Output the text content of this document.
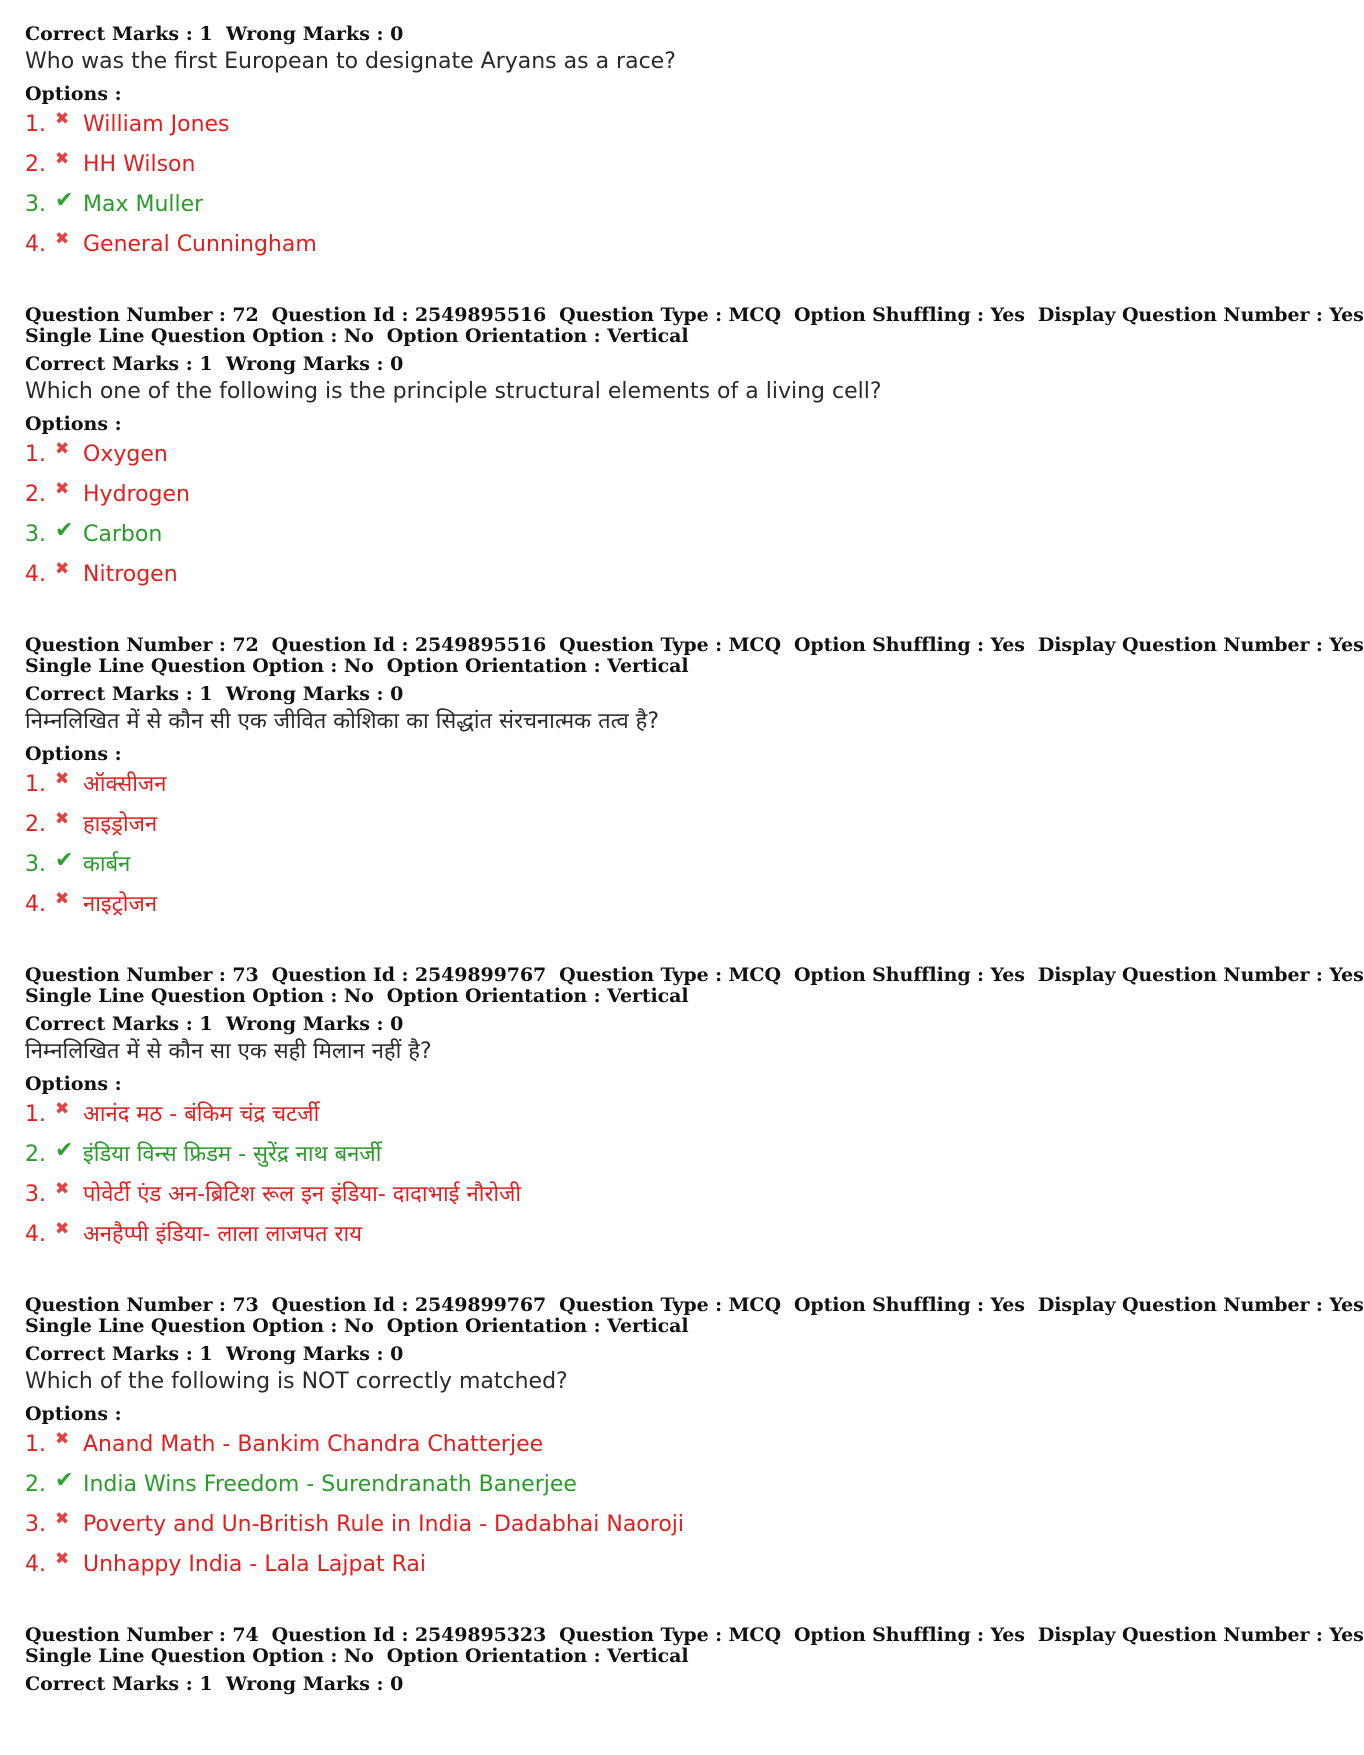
Correct Marks : 1 Wrong Marks : 0
Who was the first European to designate Aryans as a race?
Options :
1. ✖ William Jones
2. ✖ HH Wilson
3. ✔ Max Muller
4. ✖ General Cunningham
Question Number : 72 Question Id : 2549895516 Question Type : MCQ Option Shuffling : Yes Display Question Number : Yes
Single Line Question Option : No Option Orientation : Vertical
Correct Marks : 1 Wrong Marks : 0
Which one of the following is the principle structural elements of a living cell?
Options :
1. ✖ Oxygen
2. ✖ Hydrogen
3. ✔ Carbon
4. ✖ Nitrogen
Question Number : 72 Question Id : 2549895516 Question Type : MCQ Option Shuffling : Yes Display Question Number : Yes
Single Line Question Option : No Option Orientation : Vertical
Correct Marks : 1 Wrong Marks : 0
निम्नलिखित में से कौन सी एक जीवित कोशिका का सिद्धांत संरचनात्मक तत्व है?
Options :
1. ✖ ऑक्सीजन
2. ✖ हाइड्रोजन
3. ✔ कार्बन
4. ✖ नाइट्रोजन
Question Number : 73 Question Id : 2549899767 Question Type : MCQ Option Shuffling : Yes Display Question Number : Yes
Single Line Question Option : No Option Orientation : Vertical
Correct Marks : 1 Wrong Marks : 0
निम्नलिखित में से कौन सा एक सही मिलान नहीं है?
Options :
1. ✖ आनंद मठ - बंकिम चंद्र चटर्जी
2. ✔ इंडिया विन्स फ्रिडम - सुरेंद्र नाथ बनर्जी
3. ✖ पोवेर्टी एंड अन-ब्रिटिश रूल इन इंडिया- दादाभाई नौरोजी
4. ✖ अनहैप्पी इंडिया- लाला लाजपत राय
Question Number : 73 Question Id : 2549899767 Question Type : MCQ Option Shuffling : Yes Display Question Number : Yes
Single Line Question Option : No Option Orientation : Vertical
Correct Marks : 1 Wrong Marks : 0
Which of the following is NOT correctly matched?
Options :
1. ✖ Anand Math - Bankim Chandra Chatterjee
2. ✔ India Wins Freedom - Surendranath Banerjee
3. ✖ Poverty and Un-British Rule in India - Dadabhai Naoroji
4. ✖ Unhappy India - Lala Lajpat Rai
Question Number : 74 Question Id : 2549895323 Question Type : MCQ Option Shuffling : Yes Display Question Number : Yes
Single Line Question Option : No Option Orientation : Vertical
Correct Marks : 1 Wrong Marks : 0
